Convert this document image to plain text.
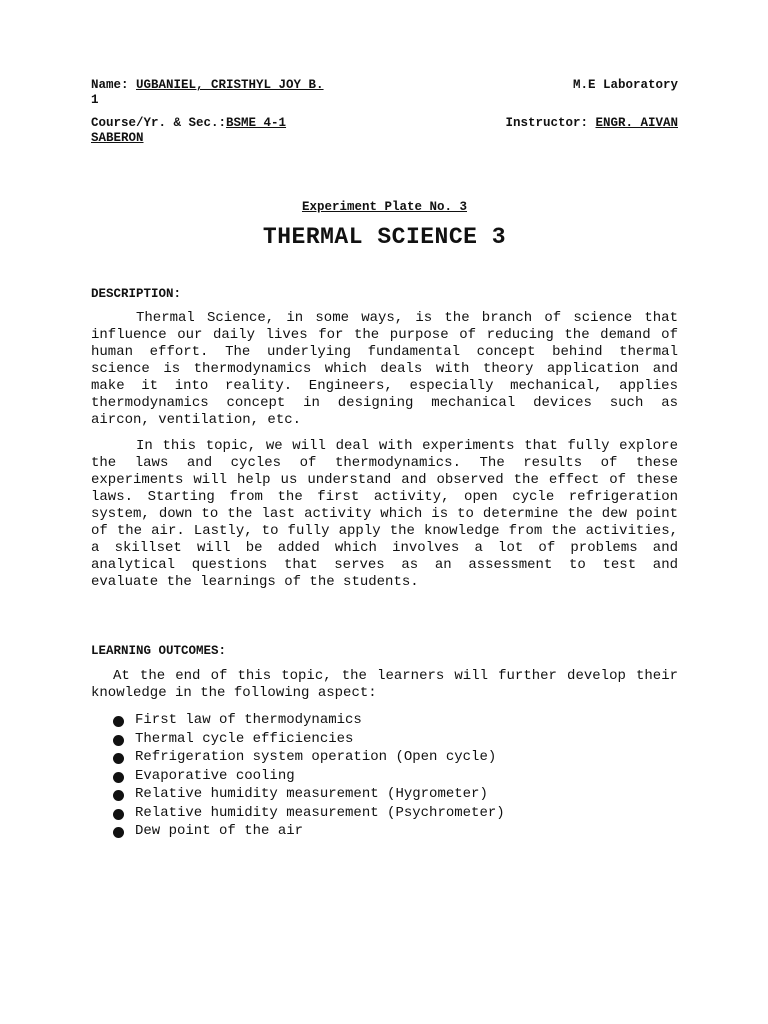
Name: UGBANIEL, CRISTHYL JOY B.	M.E Laboratory
1
Course/Yr. & Sec.:BSME 4-1	Instructor: ENGR. AIVAN
SABERON
Experiment Plate No. 3
THERMAL SCIENCE 3
DESCRIPTION:

Thermal Science, in some ways, is the branch of science that influence our daily lives for the purpose of reducing the demand of human effort. The underlying fundamental concept behind thermal science is thermodynamics which deals with theory application and make it into reality. Engineers, especially mechanical, applies thermodynamics concept in designing mechanical devices such as aircon, ventilation, etc.

In this topic, we will deal with experiments that fully explore the laws and cycles of thermodynamics. The results of these experiments will help us understand and observed the effect of these laws. Starting from the first activity, open cycle refrigeration system, down to the last activity which is to determine the dew point of the air. Lastly, to fully apply the knowledge from the activities, a skillset will be added which involves a lot of problems and analytical questions that serves as an assessment to test and evaluate the learnings of the students.

LEARNING OUTCOMES:

At the end of this topic, the learners will further develop their knowledge in the following aspect:

First law of thermodynamics
Thermal cycle efficiencies
Refrigeration system operation (Open cycle)
Evaporative cooling
Relative humidity measurement (Hygrometer)
Relative humidity measurement (Psychrometer)
Dew point of the air
